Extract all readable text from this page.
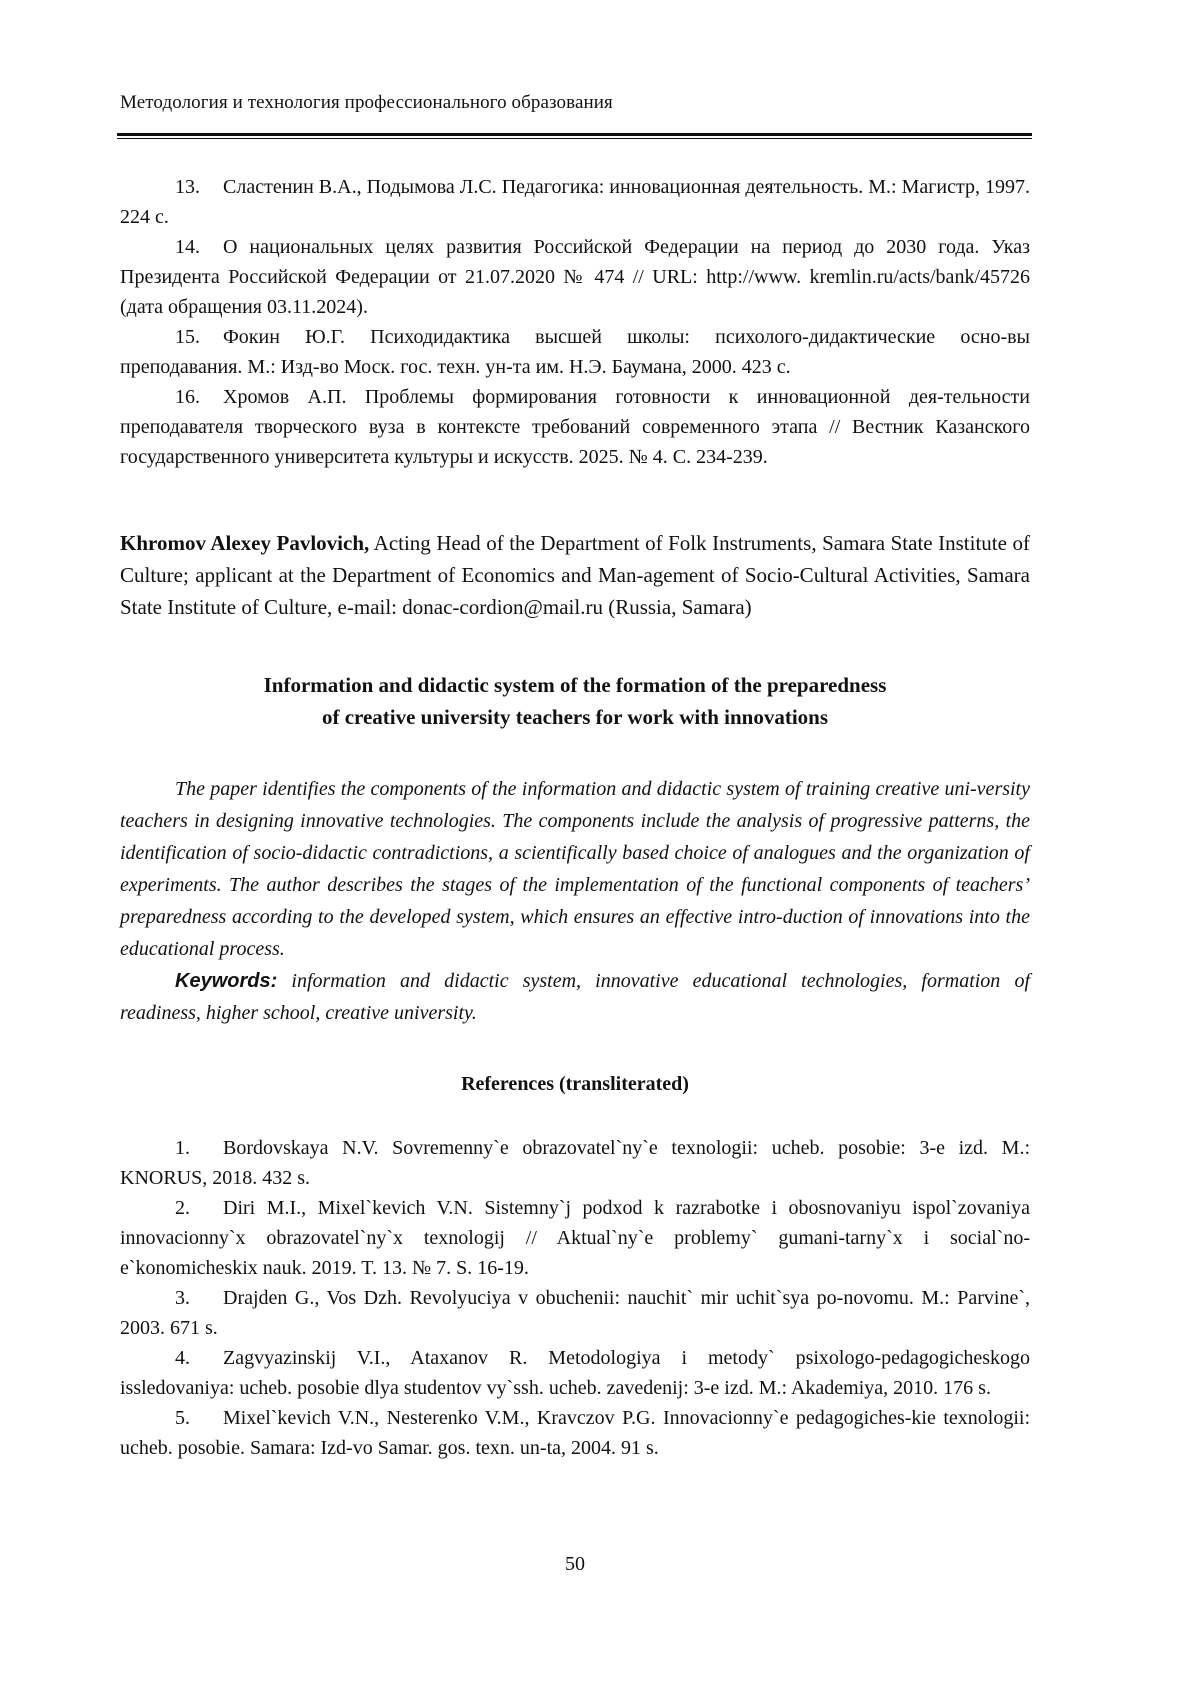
Методология и технология профессионального образования

13. Сластенин В.А., Подымова Л.С. Педагогика: инновационная деятельность. М.: Магистр, 1997. 224 с.

14. О национальных целях развития Российской Федерации на период до 2030 года. Указ Президента Российской Федерации от 21.07.2020 № 474 // URL: http://www. kremlin.ru/acts/bank/45726 (дата обращения 03.11.2024).

15. Фокин Ю.Г. Психодидактика высшей школы: психолого-дидактические осно-вы преподавания. М.: Изд-во Моск. гос. техн. ун-та им. Н.Э. Баумана, 2000. 423 с.

16. Хромов А.П. Проблемы формирования готовности к инновационной дея-тельности преподавателя творческого вуза в контексте требований современного этапа // Вестник Казанского государственного университета культуры и искусств. 2025. № 4. С. 234-239.

Khromov Alexey Pavlovich, Acting Head of the Department of Folk Instruments, Samara State Institute of Culture; applicant at the Department of Economics and Man-agement of Socio-Cultural Activities, Samara State Institute of Culture, e-mail: donac-cordion@mail.ru (Russia, Samara)

Information and didactic system of the formation of the preparedness
of creative university teachers for work with innovations

The paper identifies the components of the information and didactic system of training creative uni-versity teachers in designing innovative technologies. The components include the analysis of progressive patterns, the identification of socio-didactic contradictions, a scientifically based choice of analogues and the organization of experiments. The author describes the stages of the implementation of the functional components of teachers’ preparedness according to the developed system, which ensures an effective intro-duction of innovations into the educational process.

Keywords: information and didactic system, innovative educational technologies, formation of readiness, higher school, creative university.

References (transliterated)

1. Bordovskaya N.V. Sovremenny`e obrazovatel`ny`e texnologii: ucheb. posobie: 3-e izd. M.: KNORUS, 2018. 432 s.

2. Diri M.I., Mixel`kevich V.N. Sistemny`j podxod k razrabotke i obosnovaniyu ispol`zovaniya innovacionny`x obrazovatel`ny`x texnologij // Aktual`ny`e problemy` gumani-tarny`x i social`no-e`konomicheskix nauk. 2019. T. 13. № 7. S. 16-19.

3. Drajden G., Vos Dzh. Revolyuciya v obuchenii: nauchit` mir uchit`sya po-novomu. M.: Parvine`, 2003. 671 s.

4. Zagvyazinskij V.I., Ataxanov R. Metodologiya i metody` psixologo-pedagogicheskogo issledovaniya: ucheb. posobie dlya studentov vy`ssh. ucheb. zavedenij: 3-e izd. M.: Akademiya, 2010. 176 s.

5. Mixel`kevich V.N., Nesterenko V.M., Kravczov P.G. Innovacionny`e pedagogiches-kie texnologii: ucheb. posobie. Samara: Izd-vo Samar. gos. texn. un-ta, 2004. 91 s.

50
